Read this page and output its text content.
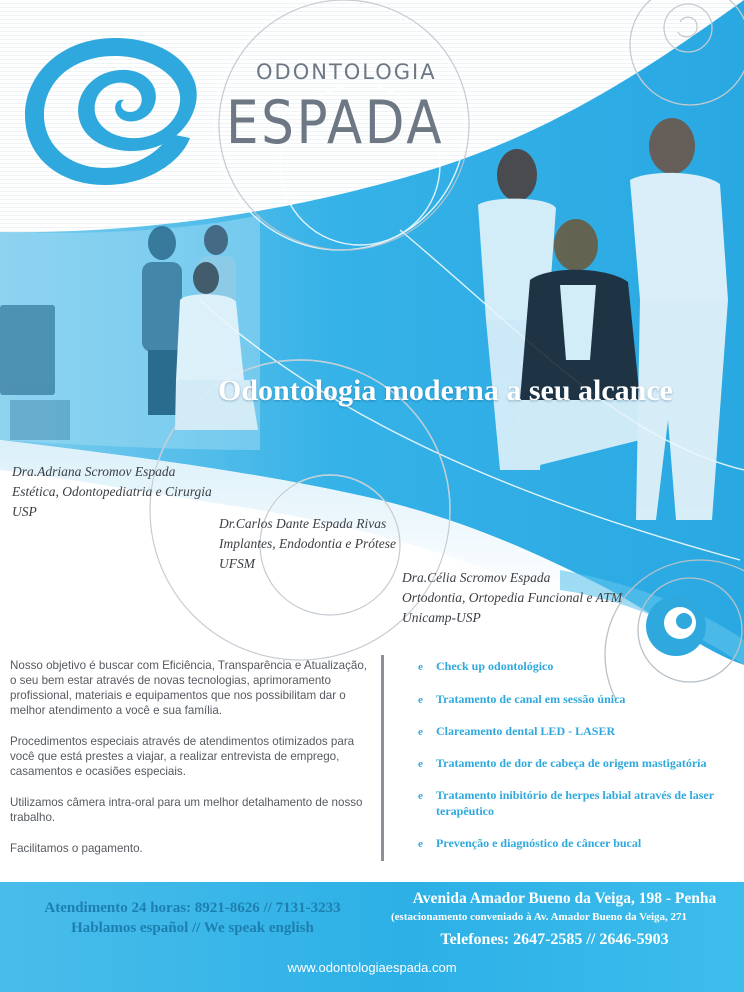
ODONTOLOGIA
ESPADA
Odontologia moderna a seu alcance
Dra.Adriana Scromov Espada
Estética, Odontopediatria e Cirurgia
USP
Dr.Carlos Dante Espada Rivas
Implantes, Endodontia e Prótese
UFSM
Dra.Célia Scromov Espada
Ortodontia, Ortopedia Funcional e ATM
Unicamp-USP

Nosso objetivo é buscar com Eficiência, Transparência e Atualização, o seu bem estar através de novas tecnologias, aprimoramento profissional, materiais e equipamentos que nos possibilitam dar o melhor atendimento a você e sua família.

Procedimentos especiais através de atendimentos otimizados para você que está prestes a viajar, a realizar entrevista de emprego, casamentos e ocasiões especiais.

Utilizamos câmera intra-oral para um melhor detalhamento de nosso trabalho.

Facilitamos o pagamento.

e Check up odontológico
e Tratamento de canal em sessão única
e Clareamento dental LED - LASER
e Tratamento de dor de cabeça de origem mastigatória
e Tratamento inibitório de herpes labial através de laser terapêutico
e Prevenção e diagnóstico de câncer bucal
Atendimento 24 horas: 8921-8626 // 7131-3233
Hablamos español // We speak english
Avenida Amador Bueno da Veiga, 198 - Penha
(estacionamento conveniado à Av. Amador Bueno da Veiga, 271
Telefones: 2647-2585 // 2646-5903
www.odontologiaespada.com
